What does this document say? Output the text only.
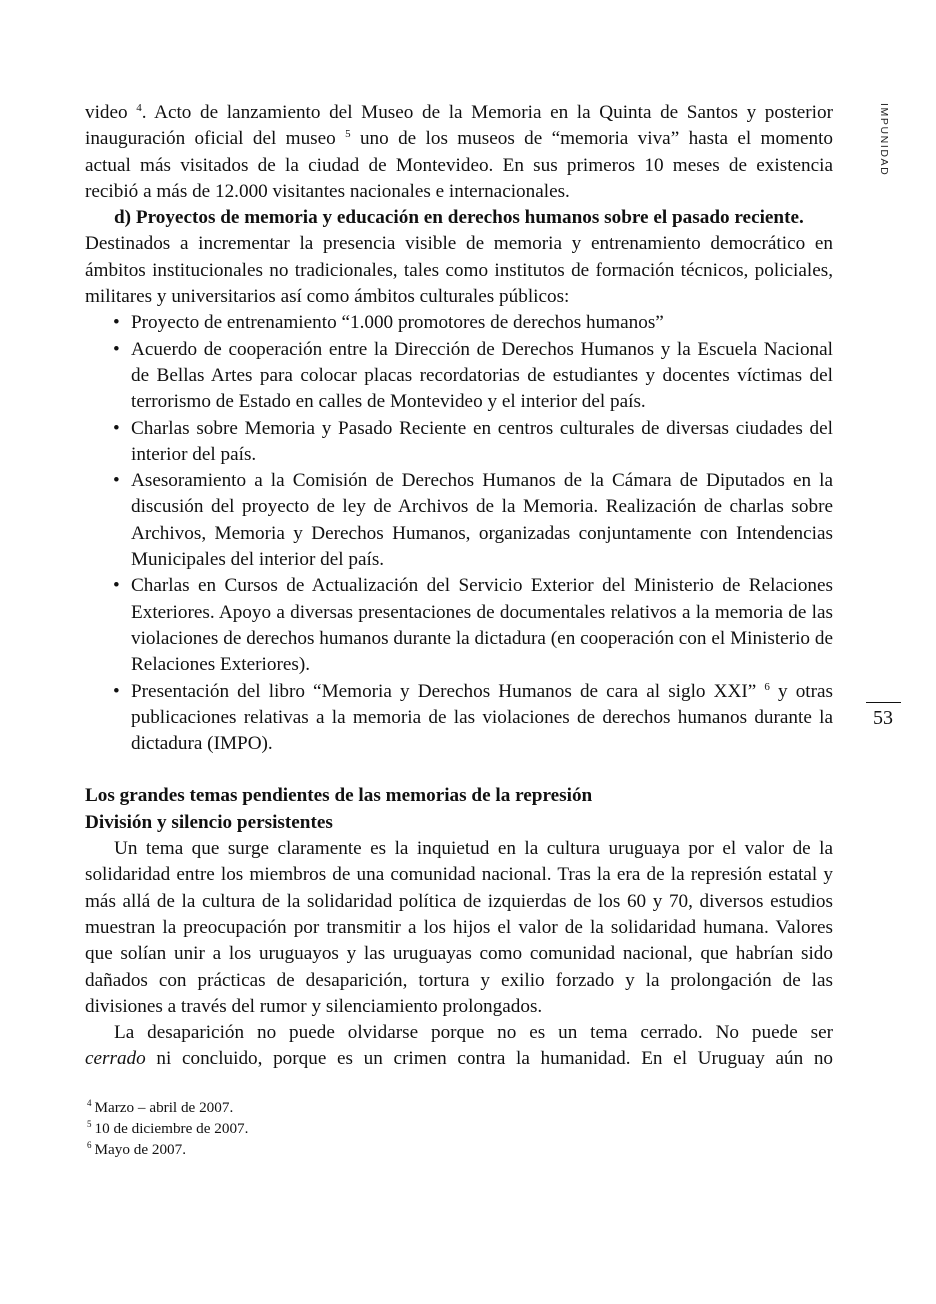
IMPUNIDAD
53
video $^4$. Acto de lanzamiento del Museo de la Memoria en la Quinta de Santos y posterior
inauguración oficial del museo $^5$ uno de los museos de “memoria viva” hasta el momento
actual más visitados de la ciudad de Montevideo. En sus primeros 10 meses de existencia
recibió a más de 12.000 visitantes nacionales e internacionales.

d) Proyectos de memoria y educación en derechos humanos sobre el pasado reciente.

Destinados a incrementar la presencia visible de memoria y entrenamiento democrático en ámbitos institucionales no tradicionales, tales como institutos de formación técnicos, policiales, militares y universitarios así como ámbitos culturales públicos:

• Proyecto de entrenamiento “1.000 promotores de derechos humanos”
• Acuerdo de cooperación entre la Dirección de Derechos Humanos y la Escuela Nacional de Bellas Artes para colocar placas recordatorias de estudiantes y docentes víctimas del terrorismo de Estado en calles de Montevideo y el interior del país.
• Charlas sobre Memoria y Pasado Reciente en centros culturales de diversas ciudades del interior del país.
• Asesoramiento a la Comisión de Derechos Humanos de la Cámara de Diputados en la discusión del proyecto de ley de Archivos de la Memoria. Realización de charlas sobre Archivos, Memoria y Derechos Humanos, organizadas conjuntamente con Intendencias Municipales del interior del país.
• Charlas en Cursos de Actualización del Servicio Exterior del Ministerio de Relaciones Exteriores. Apoyo a diversas presentaciones de documentales relativos a la memoria de las violaciones de derechos humanos durante la dictadura (en cooperación con el Ministerio de Relaciones Exteriores).
• Presentación del libro “Memoria y Derechos Humanos de cara al siglo XXI” $^6$ y otras publicaciones relativas a la memoria de las violaciones de derechos humanos durante la dictadura (IMPO).

Los grandes temas pendientes de las memorias de la represión

División y silencio persistentes

Un tema que surge claramente es la inquietud en la cultura uruguaya por el valor de la solidaridad entre los miembros de una comunidad nacional. Tras la era de la represión estatal y más allá de la cultura de la solidaridad política de izquierdas de los 60 y 70, diversos estudios muestran la preocupación por transmitir a los hijos el valor de la solidaridad humana. Valores que solían unir a los uruguayos y las uruguayas como comunidad nacional, que habrían sido dañados con prácticas de desaparición, tortura y exilio forzado y la prolongación de las divisiones a través del rumor y silenciamiento prolongados.

La desaparición no puede olvidarse porque no es un tema cerrado. No puede ser
cerrado ni concluido, porque es un crimen contra la humanidad. En el Uruguay aún no
$^4$ Marzo – abril de 2007.
$^5$ 10 de diciembre de 2007.
$^6$ Mayo de 2007.
